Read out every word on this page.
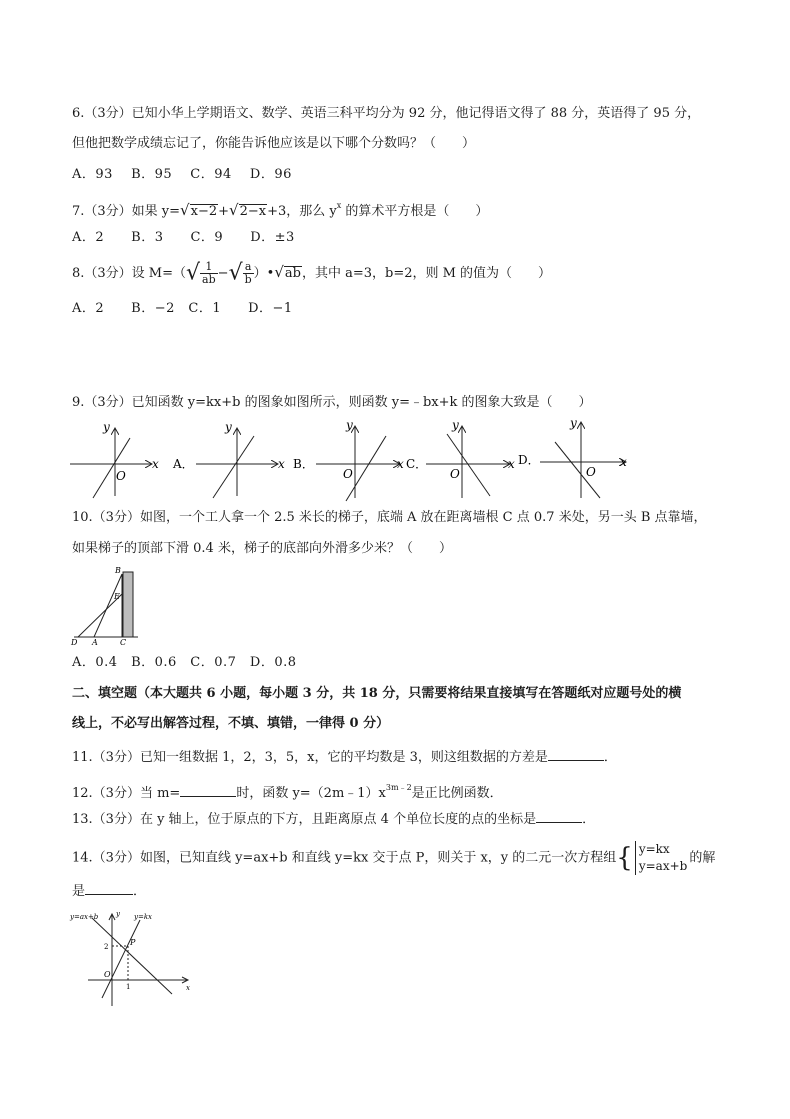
6.（3分）已知小华上学期语文、数学、英语三科平均分为 92 分，他记得语文得了 88 分，英语得了 95 分，
但他把数学成绩忘记了，你能告诉他应该是以下哪个分数吗？（　　）
A．93　 B．95　 C．94　 D．96
7.（3分）如果 y=√x−2+√2−x+3，那么 $y^x$ 的算术平方根是（　　）
A．2　　B．3　　C．9　　D．±3
8.（3分）设 $M=(√ \frac{1}{ab}$ −√ $\frac{a}{b}$ ）•√ab，其中 a=3，b=2，则 M 的值为（　　）
A．2　　B．−2　C．1　　D．−1
9.（3分）已知函数 y=kx+b 的图象如图所示，则函数 y=﹣bx+k 的图象大致是（　　）
y
x
O
A．
y
x B．
y
x
O
C．
y
x
O
D．
y
x
O
10.（3分）如图，一个工人拿一个 2.5 米长的梯子，底端 A 放在距离墙根 C 点 0.7 米处，另一头 B 点靠墙，
如果梯子的顶部下滑 0.4 米，梯子的底部向外滑多少米？（　　）
B
E
D A	C
A．0.4　B．0.6　C．0.7　D．0.8
二、填空题（本大题共 6 小题，每小题 3 分，共 18 分，只需要将结果直接填写在答题纸对应题号处的横
线上，不必写出解答过程，不填、填错，一律得 0 分）
11.（3分）已知一组数据 1，2，3，5，x，它的平均数是 3，则这组数据的方差是	．
12.（3分）当 m=	时，函数 $y=(2m﹣1)x^{3m﹣2}$是正比例函数．
13.（3分）在 y 轴上，位于原点的下方，且距离原点 4 个单位长度的点的坐标是	．
14.（3分）如图，已知直线 y=ax+b 和直线 y=kx 交于点 P，则关于 x，y 的二元一次方程组{ y=kx
y=ax+b
的解
是	．
y=ax+b	y=kx
y
x
P
O
2
1
